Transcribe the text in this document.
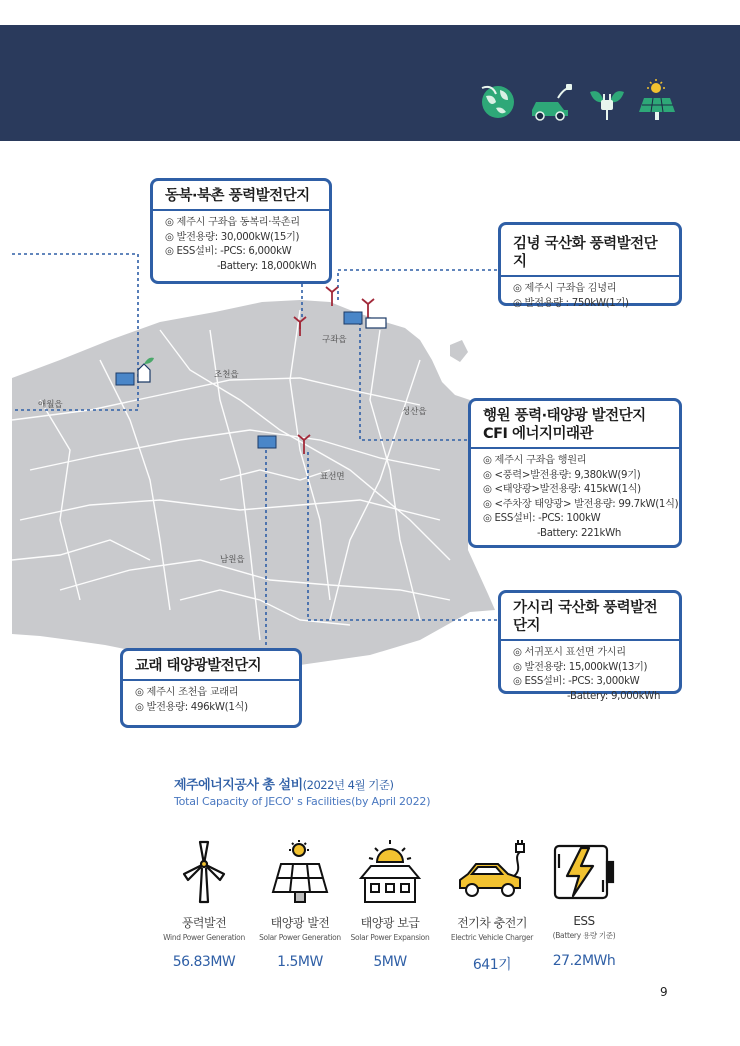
애월읍
조천읍
구좌읍
성산읍
표선면
남원읍
동북·북촌 풍력발전단지
◎ 제주시 구좌읍 동복리·북촌리
◎ 발전용량: 30,000kW(15기)
◎ ESS설비: -PCS: 6,000kW
-Battery: 18,000kWh
김녕 국산화 풍력발전단지
◎ 제주시 구좌읍 김녕리
◎ 발전용량 : 750kW(1기)
행원 풍력·태양광 발전단지
CFI 에너지미래관
◎ 제주시 구좌읍 행원리
◎ <풍력>발전용량: 9,380kW(9기)
◎ <태양광>발전용량: 415kW(1식)
◎ <주차장 태양광> 발전용량: 99.7kW(1식)
◎ ESS설비: -PCS: 100kW
-Battery: 221kWh
가시리 국산화 풍력발전단지
◎ 서귀포시 표선면 가시리
◎ 발전용량: 15,000kW(13기)
◎ ESS설비: -PCS: 3,000kW
-Battery: 9,000kWh
교래 태양광발전단지
◎ 제주시 조천읍 교래리
◎ 발전용량: 496kW(1식)
제주에너지공사 총 설비(2022년 4월 기준)
Total Capacity of JECO' s Facilities(by April 2022)
풍력발전
Wind Power Generation
56.83MW
태양광 발전
Solar Power Generation
1.5MW
태양광 보급
Solar Power Expansion
5MW
전기차 충전기
Electric Vehicle Charger
641기
ESS
(Battery 용량 기준)
27.2MWh
9
